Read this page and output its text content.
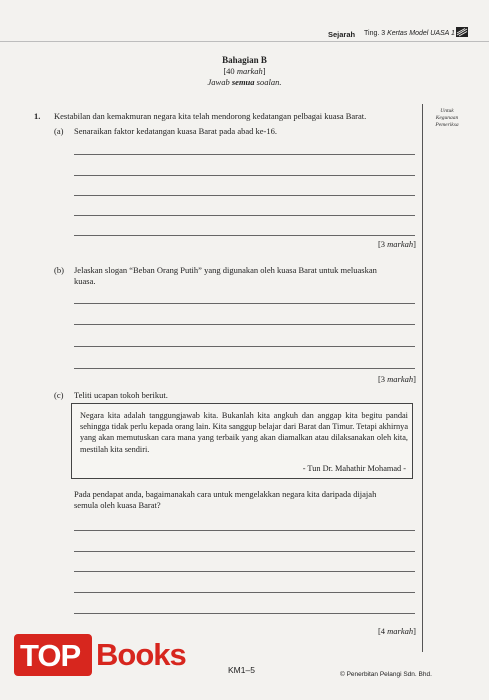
Sejarah Ting. 3 Kertas Model UASA 1
Bahagian B
[40 markah]
Jawab semua soalan.
Untuk
Kegunaan
Pemeriksa
1. Kestabilan dan kemakmuran negara kita telah mendorong kedatangan pelbagai kuasa Barat.
(a) Senaraikan faktor kedatangan kuasa Barat pada abad ke-16.
[3 markah]
(b) Jelaskan slogan “Beban Orang Putih” yang digunakan oleh kuasa Barat untuk meluaskan
kuasa.
[3 markah]
(c) Teliti ucapan tokoh berikut.
Negara kita adalah tanggungjawab kita. Bukanlah kita angkuh dan anggap kita begitu pandai sehingga tidak perlu kepada orang lain. Kita sanggup belajar dari Barat dan Timur. Tetapi akhirnya yang akan memutuskan cara mana yang terbaik yang akan diamalkan atau dilaksanakan oleh kita, mestilah kita sendiri.
- Tun Dr. Mahathir Mohamad -
Pada pendapat anda, bagaimanakah cara untuk mengelakkan negara kita daripada dijajah
semula oleh kuasa Barat?
[4 markah]
KM1–5	© Penerbitan Pelangi Sdn. Bhd.
TOP Books
